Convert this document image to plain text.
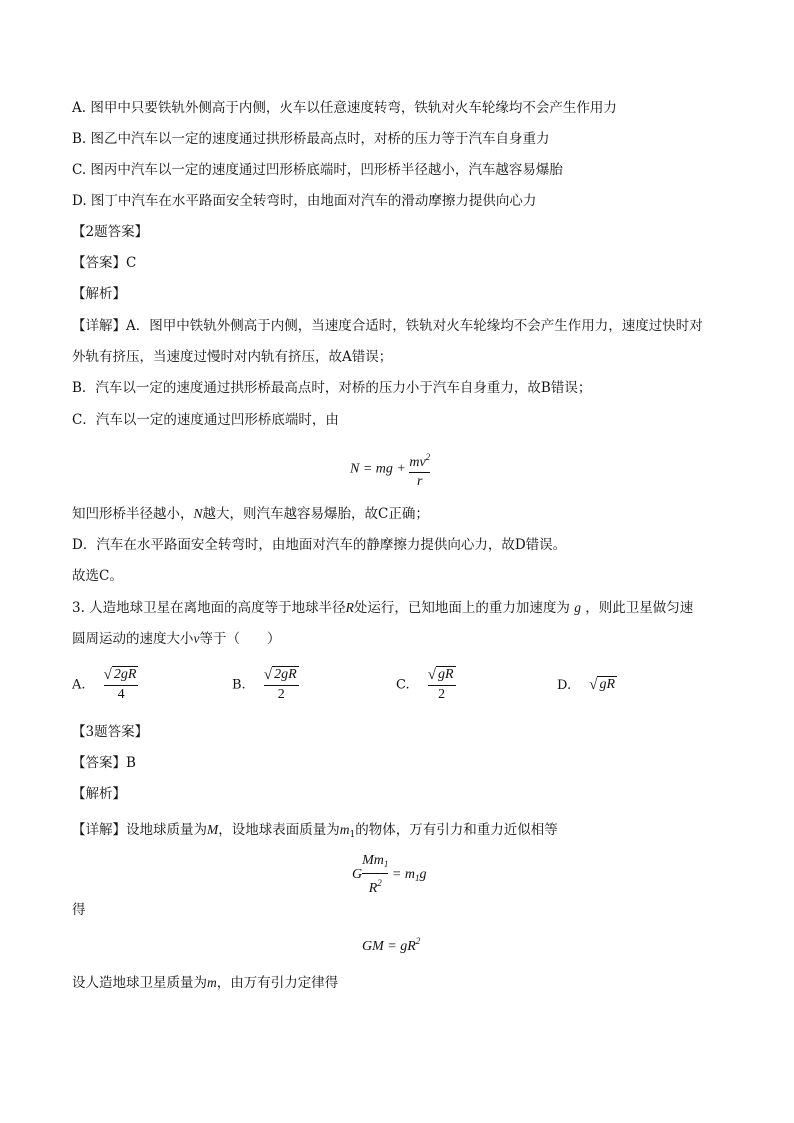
A. 图甲中只要铁轨外侧高于内侧，火车以任意速度转弯，铁轨对火车轮缘均不会产生作用力
B. 图乙中汽车以一定的速度通过拱形桥最高点时，对桥的压力等于汽车自身重力
C. 图丙中汽车以一定的速度通过凹形桥底端时，凹形桥半径越小，汽车越容易爆胎
D. 图丁中汽车在水平路面安全转弯时，由地面对汽车的滑动摩擦力提供向心力
【2题答案】
【答案】C
【解析】
【详解】A．图甲中铁轨外侧高于内侧，当速度合适时，铁轨对火车轮缘均不会产生作用力，速度过快时对
外轨有挤压，当速度过慢时对内轨有挤压，故A错误；
B．汽车以一定的速度通过拱形桥最高点时，对桥的压力小于汽车自身重力，故B错误；
C．汽车以一定的速度通过凹形桥底端时，由
N = mg + $\frac{mv^2}{r}$
知凹形桥半径越小，N越大，则汽车越容易爆胎，故C正确；
D．汽车在水平路面安全转弯时，由地面对汽车的静摩擦力提供向心力，故D错误。
故选C。
3. 人造地球卫星在离地面的高度等于地球半径R处运行，已知地面上的重力加速度为 g ，则此卫星做匀速
圆周运动的速度大小v等于（　　）
A. $\frac{√ 2gR}{4}$	B. $\frac{√ 2gR}{2}$	C. $\frac{√ gR}{2}$	D. √ gR
【3题答案】
【答案】B
【解析】
【详解】设地球质量为M，设地球表面质量为$m_1$的物体，万有引力和重力近似相等
G $\frac{Mm_1}{R^2} = m_1g$
得
GM = $gR^2$
设人造地球卫星质量为m，由万有引力定律得
